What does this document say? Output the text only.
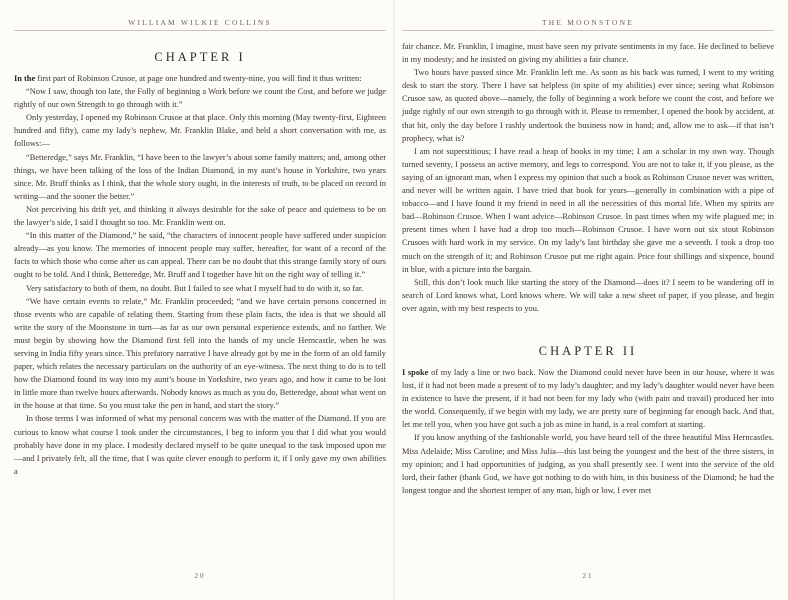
WILLIAM WILKIE COLLINS
CHAPTER I

In the first part of Robinson Crusoe, at page one hundred and twenty-nine, you will find it thus written:

“Now I saw, though too late, the Folly of beginning a Work before we count the Cost, and before we judge rightly of our own Strength to go through with it.”

Only yesterday, I opened my Robinson Crusoe at that place. Only this morning (May twenty-first, Eighteen hundred and fifty), came my lady’s nephew, Mr. Franklin Blake, and held a short conversation with me, as follows:—

“Betteredge,” says Mr. Franklin, “I have been to the lawyer’s about some family matters; and, among other things, we have been talking of the loss of the Indian Diamond, in my aunt’s house in Yorkshire, two years since. Mr. Bruff thinks as I think, that the whole story ought, in the interests of truth, to be placed on record in writing—and the sooner the better.”

Not perceiving his drift yet, and thinking it always desirable for the sake of peace and quietness to be on the lawyer’s side, I said I thought so too. Mr. Franklin went on.

“In this matter of the Diamond,” he said, “the characters of innocent people have suffered under suspicion already—as you know. The memories of innocent people may suffer, hereafter, for want of a record of the facts to which those who come after us can appeal. There can be no doubt that this strange family story of ours ought to be told. And I think, Betteredge, Mr. Bruff and I together have hit on the right way of telling it.”

Very satisfactory to both of them, no doubt. But I failed to see what I myself had to do with it, so far.

“We have certain events to relate,” Mr. Franklin proceeded; “and we have certain persons concerned in those events who are capable of relating them. Starting from these plain facts, the idea is that we should all write the story of the Moonstone in turn—as far as our own personal experience extends, and no farther. We must begin by showing how the Diamond first fell into the hands of my uncle Herncastle, when he was serving in India fifty years since. This prefatory narrative I have already got by me in the form of an old family paper, which relates the necessary particulars on the authority of an eye-witness. The next thing to do is to tell how the Diamond found its way into my aunt’s house in Yorkshire, two years ago, and how it came to be lost in little more than twelve hours afterwards. Nobody knows as much as you do, Betteredge, about what went on in the house at that time. So you must take the pen in hand, and start the story.”

In those terms I was informed of what my personal concern was with the matter of the Diamond. If you are curious to know what course I took under the circumstances, I beg to inform you that I did what you would probably have done in my place. I modestly declared myself to be quite unequal to the task imposed upon me—and I privately felt, all the time, that I was quite clever enough to perform it, if I only gave my own abilities a

20
THE MOONSTONE

fair chance. Mr. Franklin, I imagine, must have seen my private sentiments in my face. He declined to believe in my modesty; and he insisted on giving my abilities a fair chance.

Two hours have passed since Mr. Franklin left me. As soon as his back was turned, I went to my writing desk to start the story. There I have sat helpless (in spite of my abilities) ever since; seeing what Robinson Crusoe saw, as quoted above—namely, the folly of beginning a work before we count the cost, and before we judge rightly of our own strength to go through with it. Please to remember, I opened the book by accident, at that bit, only the day before I rashly undertook the business now in hand; and, allow me to ask—if that isn’t prophecy, what is?

I am not superstitious; I have read a heap of books in my time; I am a scholar in my own way. Though turned seventy, I possess an active memory, and legs to correspond. You are not to take it, if you please, as the saying of an ignorant man, when I express my opinion that such a book as Robinson Crusoe never was written, and never will be written again. I have tried that book for years—generally in combination with a pipe of tobacco—and I have found it my friend in need in all the necessities of this mortal life. When my spirits are bad—Robinson Crusoe. When I want advice—Robinson Crusoe. In past times when my wife plagued me; in present times when I have had a drop too much—Robinson Crusoe. I have worn out six stout Robinson Crusoes with hard work in my service. On my lady’s last birthday she gave me a seventh. I took a drop too much on the strength of it; and Robinson Crusoe put me right again. Price four shillings and sixpence, bound in blue, with a picture into the bargain.

Still, this don’t look much like starting the story of the Diamond—does it? I seem to be wandering off in search of Lord knows what, Lord knows where. We will take a new sheet of paper, if you please, and begin over again, with my best respects to you.

CHAPTER II

I spoke of my lady a line or two back. Now the Diamond could never have been in our house, where it was lost, if it had not been made a present of to my lady’s daughter; and my lady’s daughter would never have been in existence to have the present, if it had not been for my lady who (with pain and travail) produced her into the world. Consequently, if we begin with my lady, we are pretty sure of beginning far enough back. And that, let me tell you, when you have got such a job as mine in hand, is a real comfort at starting.

If you know anything of the fashionable world, you have heard tell of the three beautiful Miss Herncastles. Miss Adelaide; Miss Caroline; and Miss Julia—this last being the youngest and the best of the three sisters, in my opinion; and I had opportunities of judging, as you shall presently see. I went into the service of the old lord, their father (thank God, we have got nothing to do with him, in this business of the Diamond; he had the longest tongue and the shortest temper of any man, high or low, I ever met

21
